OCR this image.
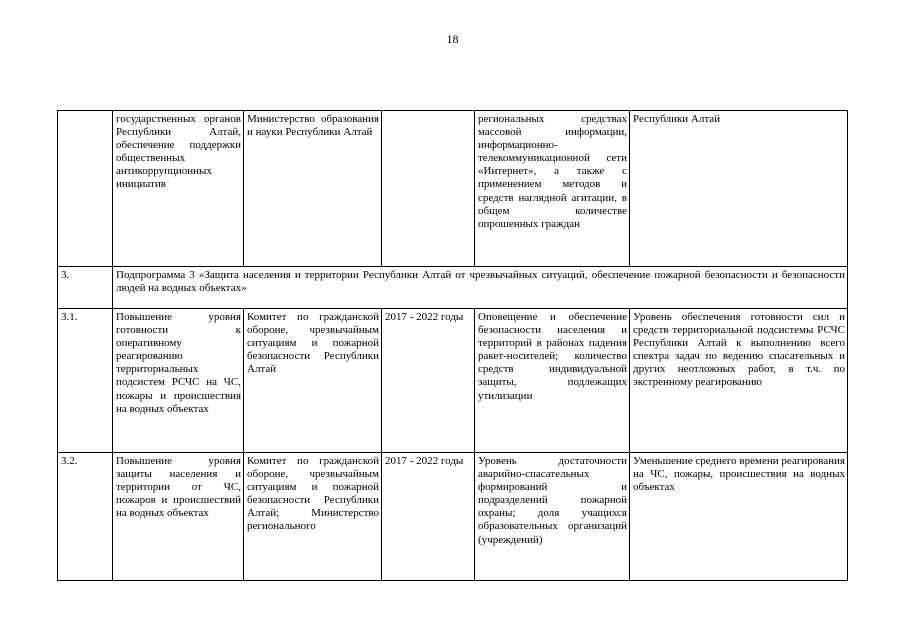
18
	государственных органов Республики Алтай, обеспечение поддержки общественных антикоррупционных инициатив	Министерство образования и науки Республики Алтай		региональных средствах массовой информации, информационно-телекоммуникационной сети «Интернет», а также с применением методов и средств наглядной агитации, в общем количестве опрошенных граждан	Республики Алтай
3.	Подпрограмма 3 «Защита населения и территории Республики Алтай от чрезвычайных ситуаций, обеспечение пожарной безопасности и безопасности людей на водных объектах»				
3.1.	Повышение уровня готовности к оперативному реагированию территориальных подсистем РСЧС на ЧС, пожары и происшествия на водных объектах	Комитет по гражданской обороне, чрезвычайным ситуациям и пожарной безопасности Республики Алтай	2017 - 2022 годы	Оповещение и обеспечение безопасности населения и территорий в районах падения ракет-носителей; количество средств индивидуальной защиты, подлежащих утилизации	Уровень обеспечения готовности сил и средств территориальной подсистемы РСЧС Республики Алтай к выполнению всего спектра задач по ведению спасательных и других неотложных работ, в т.ч. по экстренному реагированию
3.2.	Повышение уровня защиты населения и территории от ЧС, пожаров и происшествий на водных объектах	Комитет по гражданской обороне, чрезвычайным ситуациям и пожарной безопасности Республики Алтай; Министерство регионального	2017 - 2022 годы	Уровень достаточности аварийно-спасательных формирований и подразделений пожарной охраны; доля учащихся образовательных организаций (учреждений)	Уменьшение среднего времени реагирования на ЧС, пожары, происшествия на водных объектах
